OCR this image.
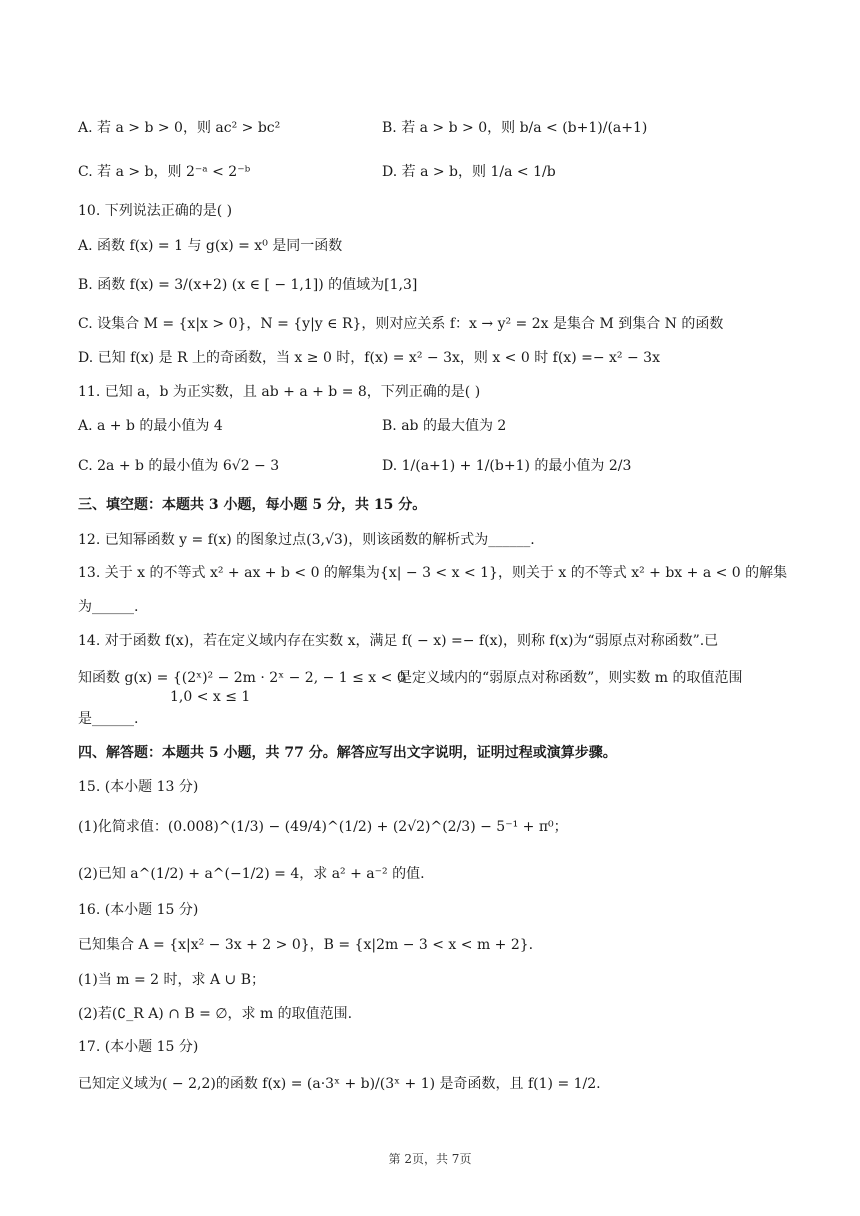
A. 若 a > b > 0，则 ac² > bc²	B. 若 a > b > 0，则 b/a < (b+1)/(a+1)
C. 若 a > b，则 2⁻ᵃ < 2⁻ᵇ	D. 若 a > b，则 1/a < 1/b
10. 下列说法正确的是( )
A. 函数 f(x) = 1 与 g(x) = x⁰ 是同一函数
B. 函数 f(x) = 3/(x+2) (x ∈ [ − 1,1]) 的值域为[1,3]
C. 设集合 M = {x|x > 0}，N = {y|y ∈ R}，则对应关系 f：x → y² = 2x 是集合 M 到集合 N 的函数
D. 已知 f(x) 是 R 上的奇函数，当 x ≥ 0 时，f(x) = x² − 3x，则 x < 0 时 f(x) =− x² − 3x
11. 已知 a，b 为正实数，且 ab + a + b = 8，下列正确的是( )
A. a + b 的最小值为 4	B. ab 的最大值为 2
C. 2a + b 的最小值为 6√2 − 3	D. 1/(a+1) + 1/(b+1) 的最小值为 2/3
三、填空题：本题共 3 小题，每小题 5 分，共 15 分。
12. 已知幂函数 y = f(x) 的图象过点(3,√3)，则该函数的解析式为______.
13. 关于 x 的不等式 x² + ax + b < 0 的解集为{x| − 3 < x < 1}，则关于 x 的不等式 x² + bx + a < 0 的解集
为______.
14. 对于函数 f(x)，若在定义域内存在实数 x，满足 f( − x) =− f(x)，则称 f(x)为“弱原点对称函数”.已
知函数 g(x) = {(2ˣ)² − 2m · 2ˣ − 2, − 1 ≤ x < 0
1,0 < x ≤ 1
是定义域内的“弱原点对称函数”，则实数 m 的取值范围
是______.
四、解答题：本题共 5 小题，共 77 分。解答应写出文字说明，证明过程或演算步骤。
15. (本小题 13 分)
(1)化简求值：(0.008)^(1/3) − (49/4)^(1/2) + (2√2)^(2/3) − 5⁻¹ + π⁰；
(2)已知 a^(1/2) + a^(−1/2) = 4，求 a² + a⁻² 的值.
16. (本小题 15 分)
已知集合 A = {x|x² − 3x + 2 > 0}，B = {x|2m − 3 < x < m + 2}.
(1)当 m = 2 时，求 A ∪ B；
(2)若(∁_R A) ∩ B = ∅，求 m 的取值范围.
17. (本小题 15 分)
已知定义域为( − 2,2)的函数 f(x) = (a·3ˣ + b)/(3ˣ + 1) 是奇函数，且 f(1) = 1/2.
第 2页，共 7页
